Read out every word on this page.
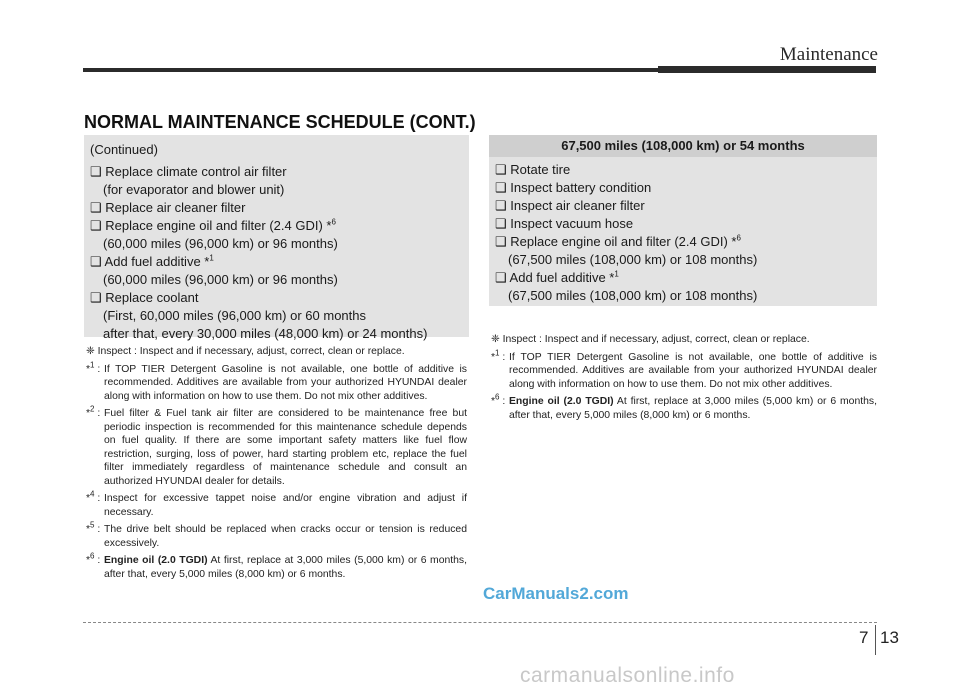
Maintenance
NORMAL MAINTENANCE SCHEDULE (CONT.)
(Continued)
❑ Replace climate control air filter
(for evaporator and blower unit)
❑ Replace air cleaner filter
❑ Replace engine oil and filter (2.4 GDI) *$^6$
(60,000 miles (96,000 km) or 96 months)
❑ Add fuel additive *$^1$
(60,000 miles (96,000 km) or 96 months)
❑ Replace coolant
(First, 60,000 miles (96,000 km) or 60 months
after that, every 30,000 miles (48,000 km) or 24 months)
❈ Inspect : Inspect and if necessary, adjust, correct, clean or replace.
*$^1$ : If TOP TIER Detergent Gasoline is not available, one bottle of additive is recommended. Additives are available from your authorized HYUNDAI dealer along with information on how to use them. Do not mix other additives.
*$^2$ : Fuel filter & Fuel tank air filter are considered to be maintenance free but periodic inspection is recommended for this maintenance schedule depends on fuel quality. If there are some important safety matters like fuel flow restriction, surging, loss of power, hard starting problem etc, replace the fuel filter immediately regardless of maintenance schedule and consult an authorized HYUNDAI dealer for details.
*$^4$ : Inspect for excessive tappet noise and/or engine vibration and adjust if necessary.
*$^5$ : The drive belt should be replaced when cracks occur or tension is reduced excessively.
*$^6$ : Engine oil (2.0 TGDI) At first, replace at 3,000 miles (5,000 km) or 6 months, after that, every 5,000 miles (8,000 km) or 6 months.
67,500 miles (108,000 km) or 54 months
❑ Rotate tire
❑ Inspect battery condition
❑ Inspect air cleaner filter
❑ Inspect vacuum hose
❑ Replace engine oil and filter (2.4 GDI) *$^6$
(67,500 miles (108,000 km) or 108 months)
❑ Add fuel additive *$^1$
(67,500 miles (108,000 km) or 108 months)
❈ Inspect : Inspect and if necessary, adjust, correct, clean or replace.
*$^1$ : If TOP TIER Detergent Gasoline is not available, one bottle of additive is recommended. Additives are available from your authorized HYUNDAI dealer along with information on how to use them. Do not mix other additives.
*$^6$ : Engine oil (2.0 TGDI) At first, replace at 3,000 miles (5,000 km) or 6 months, after that, every 5,000 miles (8,000 km) or 6 months.
CarManuals2.com
7 13
carmanualsonline.info
